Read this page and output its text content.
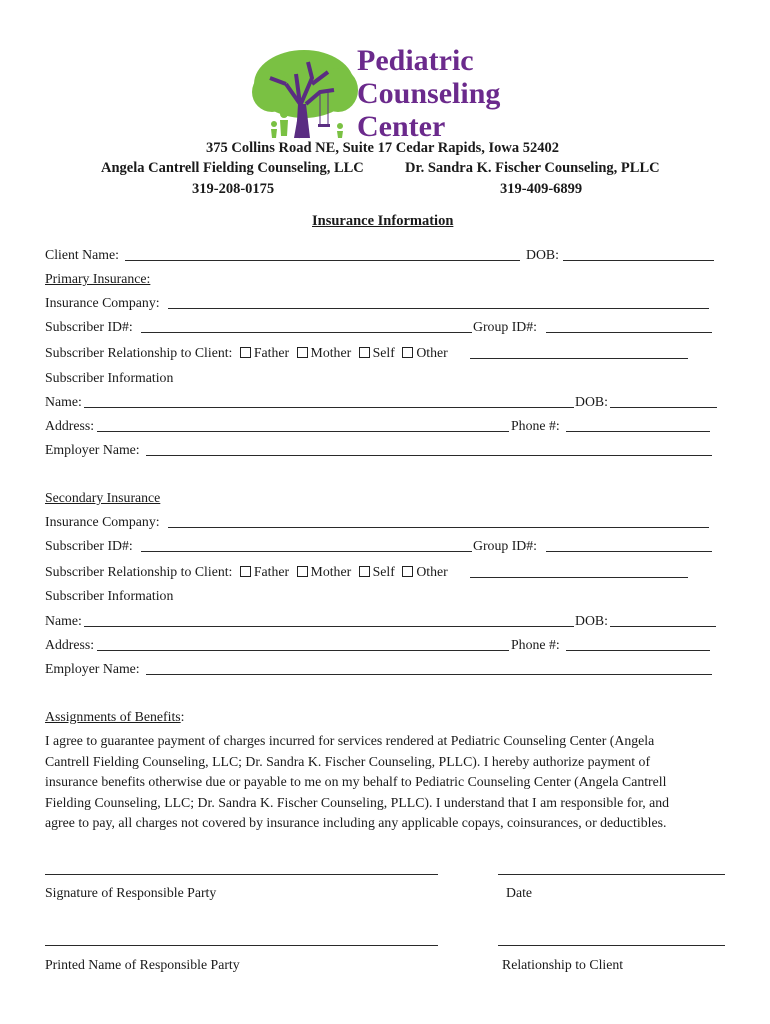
Pediatric
Counseling
Center
375 Collins Road NE, Suite 17 Cedar Rapids, Iowa 52402
Angela Cantrell Fielding Counseling, LLC	Dr. Sandra K. Fischer Counseling, PLLC
319-208-0175	319-409-6899
Insurance Information
Client Name:	DOB:
Primary Insurance:
Insurance Company:
Subscriber ID#:	Group ID#:
Subscriber Relationship to Client: Father Mother Self Other
Subscriber Information
Name:	DOB:
Address:	Phone #:
Employer Name:
Secondary Insurance
Insurance Company:
Subscriber ID#:	Group ID#:
Subscriber Relationship to Client: Father Mother Self Other
Subscriber Information
Name:	DOB:
Address:	Phone #:
Employer Name:
Assignments of Benefits:

I agree to guarantee payment of charges incurred for services rendered at Pediatric Counseling Center (Angela

Cantrell Fielding Counseling, LLC; Dr. Sandra K. Fischer Counseling, PLLC). I hereby authorize payment of

insurance benefits otherwise due or payable to me on my behalf to Pediatric Counseling Center (Angela Cantrell

Fielding Counseling, LLC; Dr. Sandra K. Fischer Counseling, PLLC). I understand that I am responsible for, and

agree to pay, all charges not covered by insurance including any applicable copays, coinsurances, or deductibles.

Signature of Responsible Party	Date
Printed Name of Responsible Party	Relationship to Client
